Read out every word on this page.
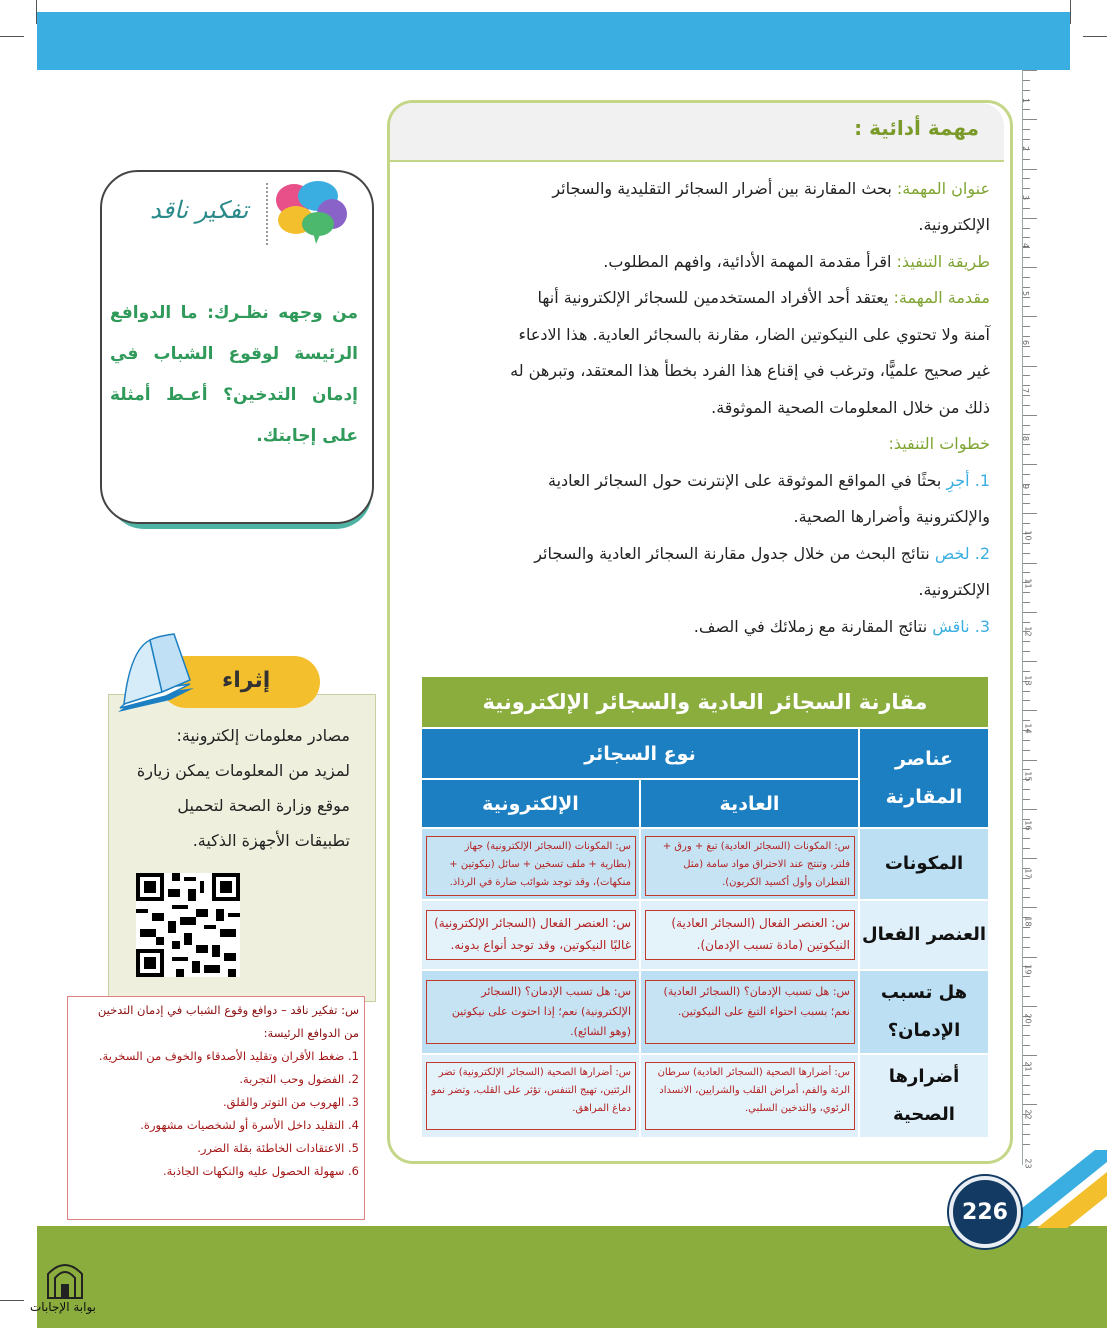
1
2
3
4
5
6
7
8
9
10
11
12
13
14
15
16
17
18
19
20
21
22
23
مهمة أدائية :
عنوان المهمة: بحث المقارنة بين أضرار السجائر التقليدية والسجائر
الإلكترونية.
طريقة التنفيذ: اقرأ مقدمة المهمة الأدائية، وافهم المطلوب.
مقدمة المهمة: يعتقد أحد الأفراد المستخدمين للسجائر الإلكترونية أنها
آمنة ولا تحتوي على النيكوتين الضار، مقارنة بالسجائر العادية. هذا الادعاء
غير صحيح علميًّا، وترغب في إقناع هذا الفرد بخطأ هذا المعتقد، وتبرهن له
ذلك من خلال المعلومات الصحية الموثوقة.
خطوات التنفيذ:
1. أجرِ بحثًا في المواقع الموثوقة على الإنترنت حول السجائر العادية
والإلكترونية وأضرارها الصحية.
2. لخص نتائج البحث من خلال جدول مقارنة السجائر العادية والسجائر
الإلكترونية.
3. ناقش نتائج المقارنة مع زملائك في الصف.
مقارنة السجائر العادية والسجائر الإلكترونية
عناصر المقارنة
نوع السجائر
العادية
الإلكترونية
المكونات
س: المكونات (السجائر العادية) تبغ + ورق + فلتر، وتنتج عند الاحتراق مواد سامة (مثل القطران وأول أكسيد الكربون).
س: المكونات (السجائر الإلكترونية) جهاز (بطارية + ملف تسخين + سائل (نيكوتين + منكهات)، وقد توجد شوائب ضارة في الرذاذ.
العنصر الفعال
س: العنصر الفعال (السجائر العادية) النيكوتين (مادة تسبب الإدمان).
س: العنصر الفعال (السجائر الإلكترونية) غالبًا النيكوتين، وقد توجد أنواع بدونه.
هل تسبب الإدمان؟
س: هل تسبب الإدمان؟ (السجائر العادية) نعم؛ بسبب احتواء التبغ على النيكوتين.
س: هل تسبب الإدمان؟ (السجائر الإلكترونية) نعم؛ إذا احتوت على نيكوتين (وهو الشائع).
أضرارها الصحية
س: أضرارها الصحية (السجائر العادية) سرطان الرئة والفم، أمراض القلب والشرايين، الانسداد الرئوي، والتدخين السلبي.
س: أضرارها الصحية (السجائر الإلكترونية) تضر الرئتين، تهيج التنفس، تؤثر على القلب، وتضر نمو دماغ المراهق.
تفكير ناقد
من وجهه نظـرك: ما الدوافع الرئيسة لوقوع الشباب في إدمان التدخين؟ أعـط أمثلة على إجابتك.
إثراء
مصادر معلومات إلكترونية:
لمزيد من المعلومات يمكن زيارة
موقع وزارة الصحة لتحميل
تطبيقات الأجهزة الذكية.
226
س: تفكير ناقد – دوافع وقوع الشباب في إدمان التدخين
من الدوافع الرئيسة:
1. ضغط الأقران وتقليد الأصدقاء والخوف من السخرية.
2. الفضول وحب التجربة.
3. الهروب من التوتر والقلق.
4. التقليد داخل الأسرة أو لشخصيات مشهورة.
5. الاعتقادات الخاطئة بقلة الضرر.
6. سهولة الحصول عليه والنكهات الجاذبة.
بوابة الإجابات
